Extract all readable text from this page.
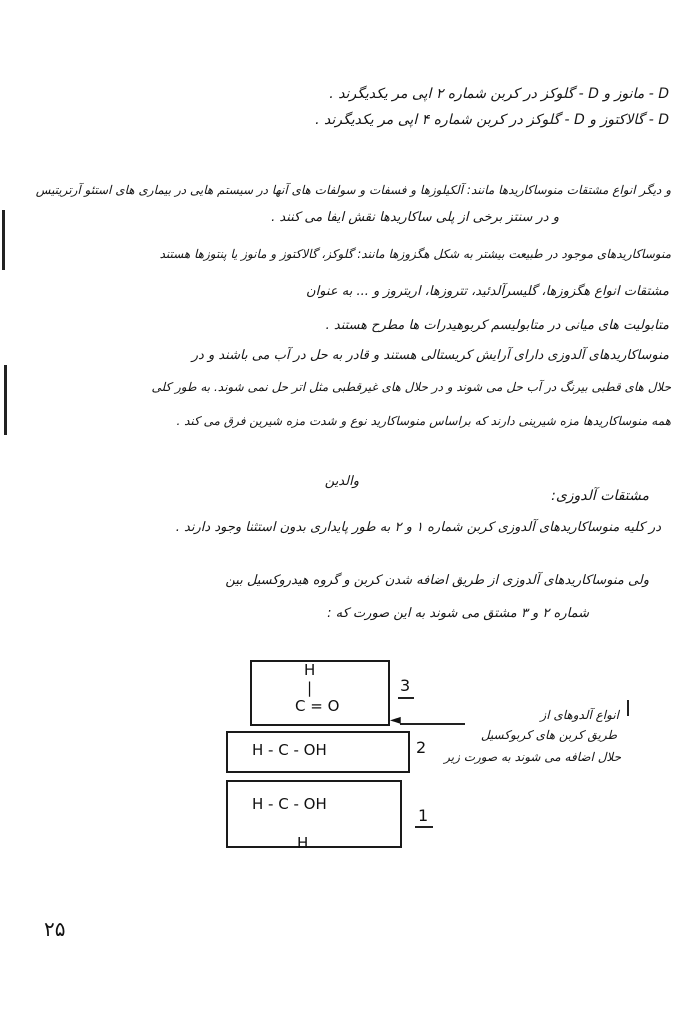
D - مانوز و D - گلوکز در کربن شماره ۲ اپی مر یکدیگرند .
D - گالاکتوز و D - گلوکز در کربن شماره ۴ اپی مر یکدیگرند .
و دیگر انواع مشتقات منوساکاریدها مانند: آلکیلوزها و فسفات و سولفات های آنها در سیستم هایی در بیماری های استئو آرتریتیس
و در سنتز برخی از پلی ساکاریدها نقش ایفا می کنند .
منوساکاریدهای موجود در طبیعت بیشتر به شکل هگزوزها مانند: گلوکز، گالاکتوز و مانوز یا پنتوزها هستند
مشتقات انواع هگزوزها، گلیسرآلدئید، تتروزها، اریتروز و ... به عنوان
متابولیت های میانی در متابولیسم کربوهیدرات ها مطرح هستند .
منوساکاریدهای آلدوزی دارای آرایش کریستالی هستند و قادر به حل در آب می باشند و در
حلال های قطبی بیرنگ در آب حل می شوند و در حلال های غیرقطبی مثل اتر حل نمی شوند. به طور کلی
همه منوساکاریدها مزه شیرینی دارند که براساس منوساکارید نوع و شدت مزه شیرین فرق می کند .
والدین
مشتقات آلدوزی:
در کلیه منوساکاریدهای آلدوزی کربن شماره ۱ و ۲ به طور پایداری بدون استثنا وجود دارند .
ولی منوساکاریدهای آلدوزی از طریق اضافه شدن کربن و گروه هیدروکسیل بین
شماره ۲ و ۳ مشتق می شوند به این صورت که :
H
|
C = O
3
H - C - OH	2
H - C - OH
H
1
◄	انواع آلدوهای از
طریق کربن های کربوکسیل
حلال اضافه می شوند به صورت زیر
۲۵
